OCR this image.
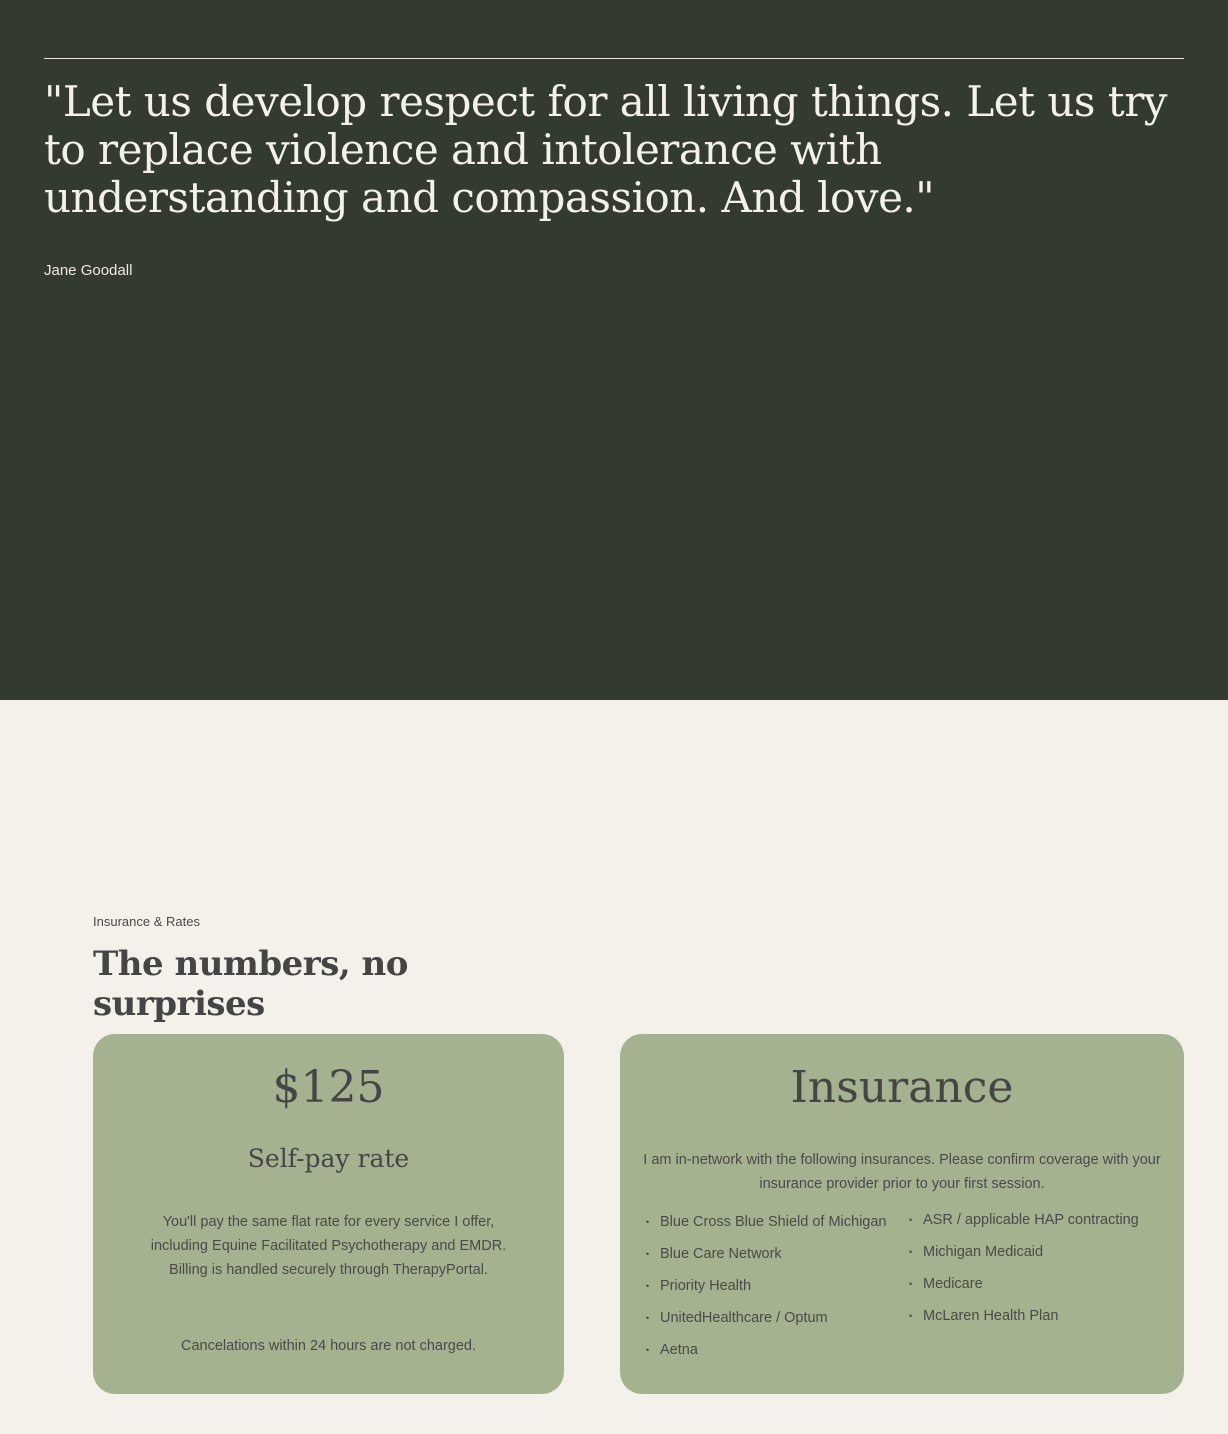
"Let us develop respect for all living things. Let us try to replace violence and intolerance with understanding and compassion. And love."
Jane Goodall
Insurance & Rates
The numbers, no surprises
$125
Self-pay rate

You'll pay the same flat rate for every service I offer, including Equine Facilitated Psychotherapy and EMDR. Billing is handled securely through TherapyPortal.

Cancelations within 24 hours are not charged.

Insurance

I am in-network with the following insurances. Please confirm coverage with your insurance provider prior to your first session.

• Blue Cross Blue Shield of Michigan
• Blue Care Network
• Priority Health
• UnitedHealthcare / Optum
• Aetna
• ASR / applicable HAP contracting
• Michigan Medicaid
• Medicare
• McLaren Health Plan
